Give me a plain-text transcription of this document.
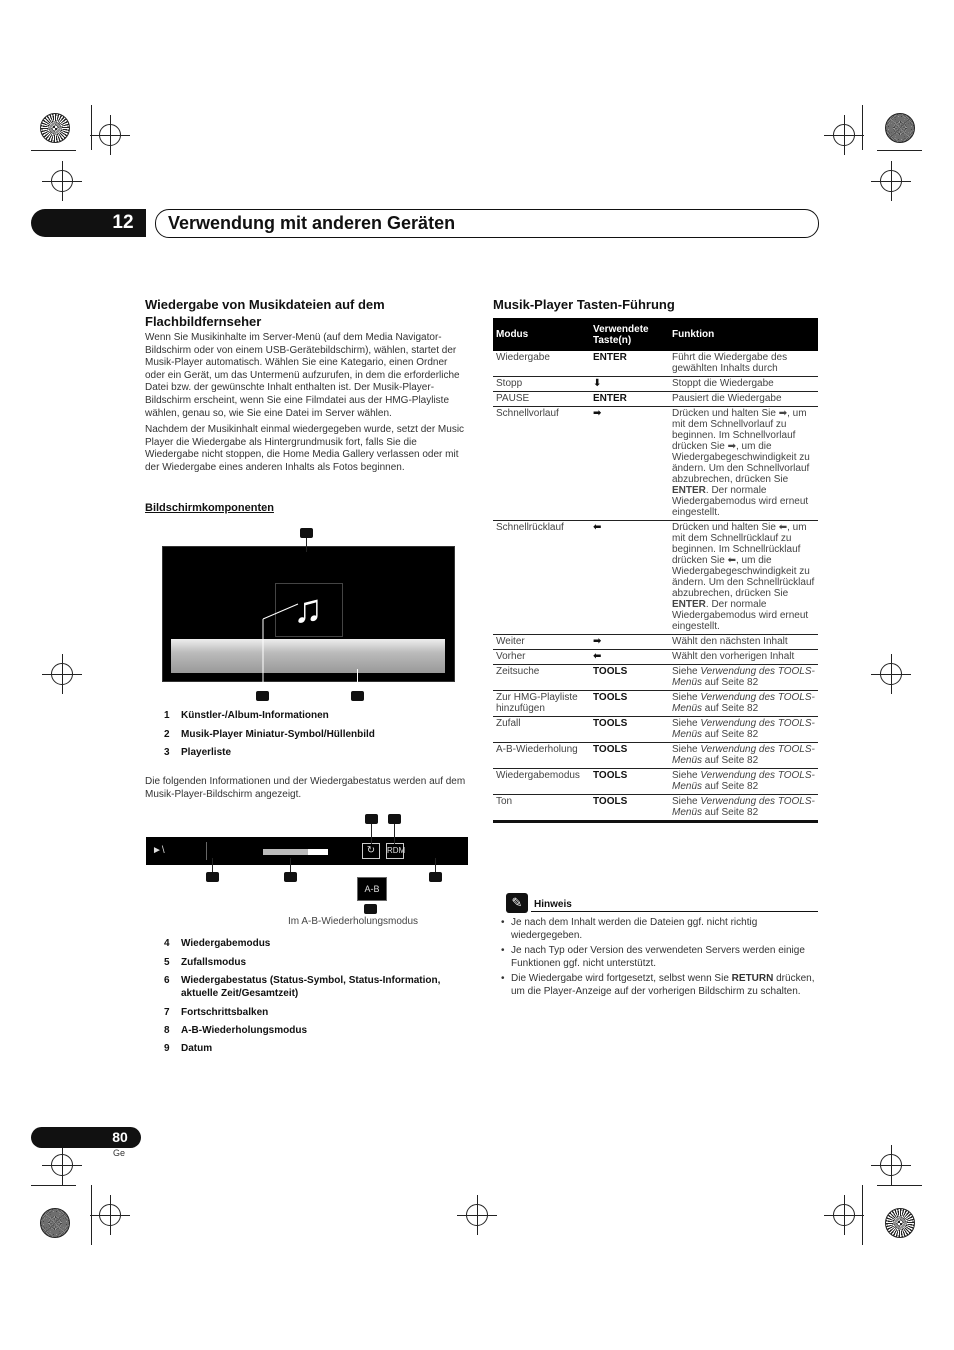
12	Verwendung mit anderen Geräten
Wiedergabe von Musikdateien auf dem Flachbildfernseher

Wenn Sie Musikinhalte im Server-Menü (auf dem Media Navigator-Bildschirm oder von einem USB-Gerätebildschirm), wählen, startet der Musik-Player automatisch. Wählen Sie eine Kategario, einen Ordner oder ein Gerät, um das Untermenü aufzurufen, in dem die erforderliche Datei bzw. der gewünschte Inhalt enthalten ist. Der Musik-Player-Bildschirm erscheint, wenn Sie eine Filmdatei aus der HMG-Playliste wählen, genau so, wie Sie eine Datei im Server wählen.

Nachdem der Musikinhalt einmal wiedergegeben wurde, setzt der Music Player die Wiedergabe als Hintergrundmusik fort, falls Sie die Wiedergabe nicht stoppen, die Home Media Gallery verlassen oder mit der Wiedergabe eines anderen Inhalts als Fotos beginnen.

Bildschirmkomponenten
♫
1	Künstler-/Album-Informationen
2	Musik-Player Miniatur-Symbol/Hüllenbild
3	Playerliste

Die folgenden Informationen und der Wiedergabestatus werden auf dem Musik-Player-Bildschirm angezeigt.

►\	↻	RDM
A-B
Im A-B-Wiederholungsmodus
4	Wiedergabemodus
5	Zufallsmodus
6	Wiedergabestatus (Status-Symbol, Status-Information,
aktuelle Zeit/Gesamtzeit)
7	Fortschrittsbalken
8	A-B-Wiederholungsmodus
9	Datum
Musik-Player Tasten-Führung
Modus	Verwendete Taste(n)	Funktion
Wiedergabe	ENTER	Führt die Wiedergabe des gewählten Inhalts durch
Stopp	⬇	Stoppt die Wiedergabe
PAUSE	ENTER	Pausiert die Wiedergabe
Schnellvorlauf	➡	Drücken und halten Sie ➡, um mit dem Schnellvorlauf zu beginnen. Im Schnellvorlauf drücken Sie ➡, um die Wiedergabegeschwindigkeit zu ändern. Um den Schnellvorlauf abzubrechen, drücken Sie ENTER. Der normale Wiedergabemodus wird erneut eingestellt.
Schnellrücklauf	⬅	Drücken und halten Sie ⬅, um mit dem Schnellrücklauf zu beginnen. Im Schnellrücklauf drücken Sie ⬅, um die Wiedergabegeschwindigkeit zu ändern. Um den Schnellrücklauf abzubrechen, drücken Sie ENTER. Der normale Wiedergabemodus wird erneut eingestellt.
Weiter	➡	Wählt den nächsten Inhalt
Vorher	⬅	Wählt den vorherigen Inhalt
Zeitsuche	TOOLS	Siehe Verwendung des TOOLS-Menüs auf Seite 82
Zur HMG-Playliste hinzufügen	TOOLS	Siehe Verwendung des TOOLS-Menüs auf Seite 82
Zufall	TOOLS	Siehe Verwendung des TOOLS-Menüs auf Seite 82
A-B-Wiederholung	TOOLS	Siehe Verwendung des TOOLS-Menüs auf Seite 82
Wiedergabemodus	TOOLS	Siehe Verwendung des TOOLS-Menüs auf Seite 82
Ton	TOOLS	Siehe Verwendung des TOOLS-Menüs auf Seite 82
✎	Hinweis
• Je nach dem Inhalt werden die Dateien ggf. nicht richtig wiedergegeben.
• Je nach Typ oder Version des verwendeten Servers werden einige Funktionen ggf. nicht unterstützt.
• Die Wiedergabe wird fortgesetzt, selbst wenn Sie RETURN drücken, um die Player-Anzeige auf der vorherigen Bildschirm zu schalten.
80
Ge
